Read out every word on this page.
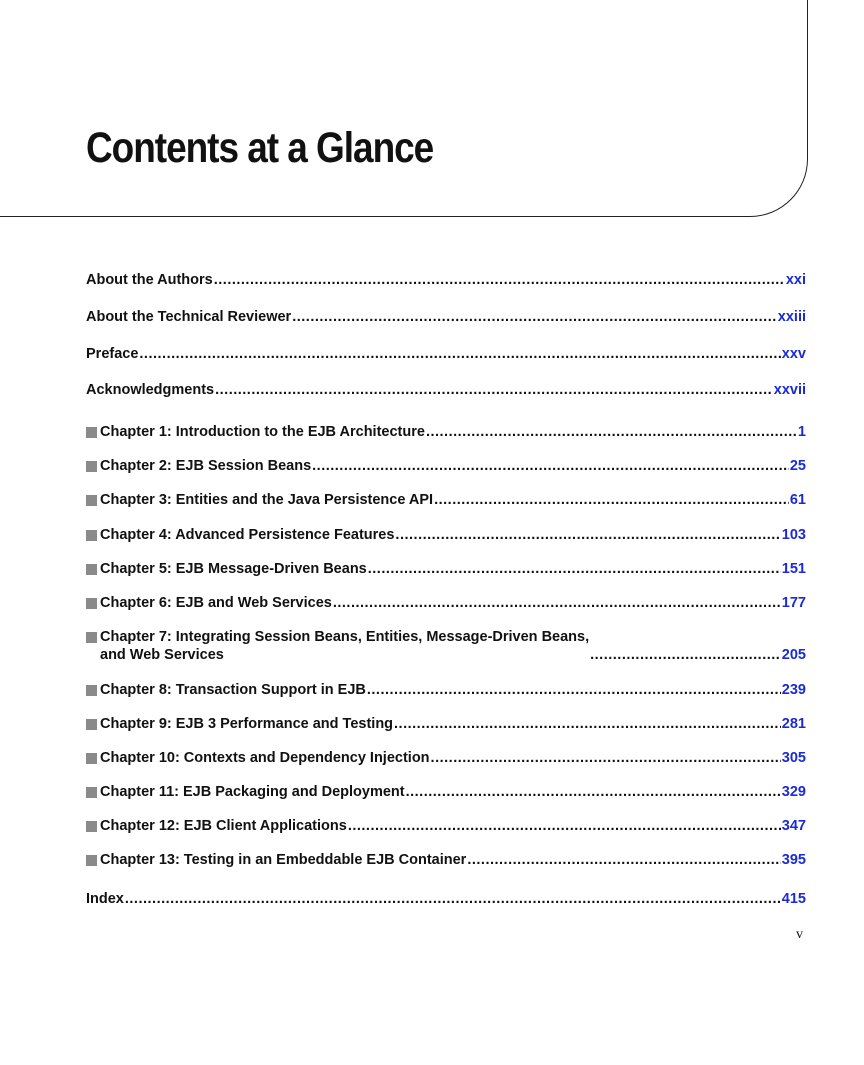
Contents at a Glance
About the Authors .....	xxi
About the Technical Reviewer .....	xxiii
Preface .....	xxv
Acknowledgments .....	xxvii
Chapter 1: Introduction to the EJB Architecture .....	1
Chapter 2: EJB Session Beans .....	25
Chapter 3: Entities and the Java Persistence API .....	61
Chapter 4: Advanced Persistence Features .....	103
Chapter 5: EJB Message-Driven Beans .....	151
Chapter 6: EJB and Web Services .....	177
Chapter 7: Integrating Session Beans, Entities, Message-Driven Beans,
and Web Services .....	205
Chapter 8: Transaction Support in EJB .....	239
Chapter 9: EJB 3 Performance and Testing .....	281
Chapter 10: Contexts and Dependency Injection .....	305
Chapter 11: EJB Packaging and Deployment .....	329
Chapter 12: EJB Client Applications .....	347
Chapter 13: Testing in an Embeddable EJB Container .....	395
Index .....	415
v
